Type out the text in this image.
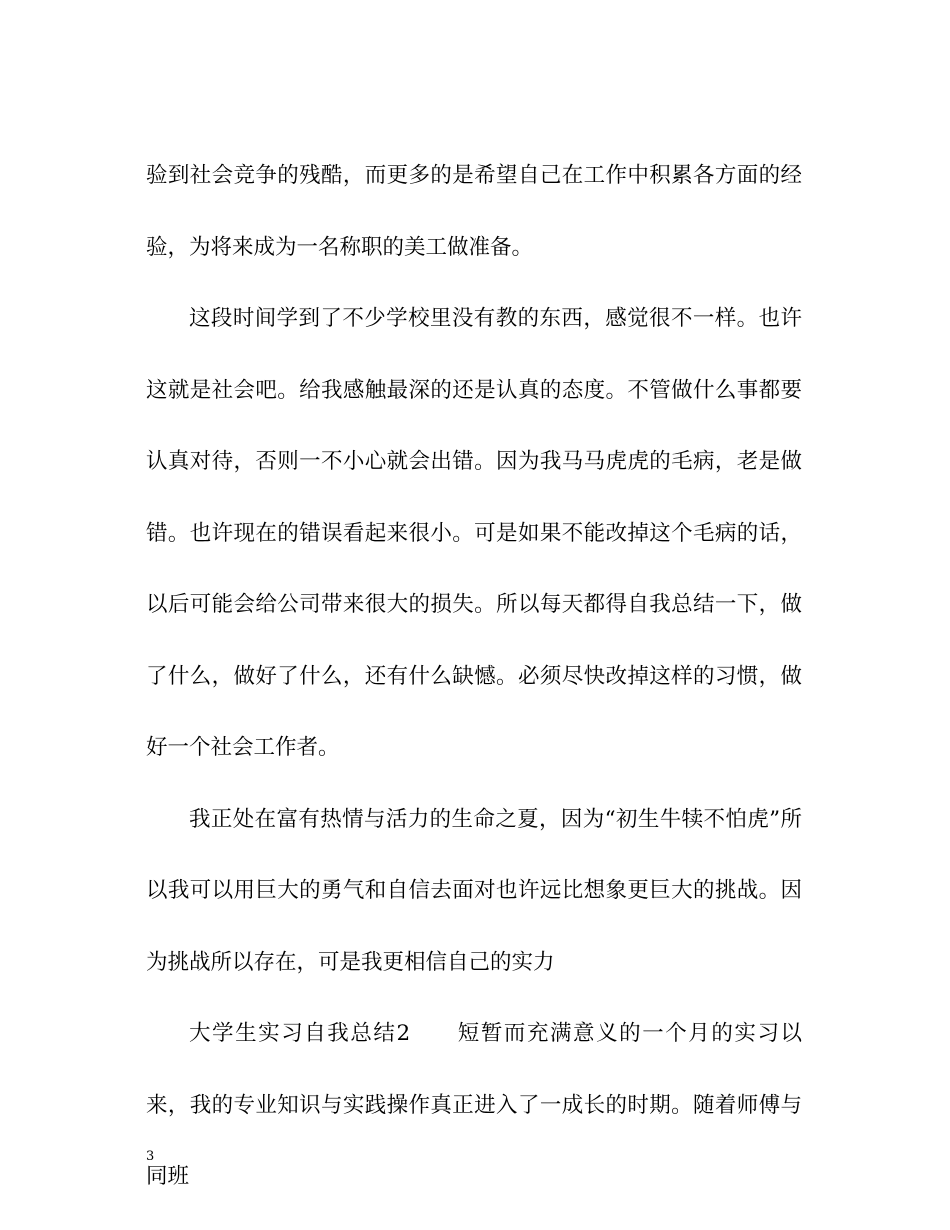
验到社会竞争的残酷，而更多的是希望自己在工作中积累各方面的经验，为将来成为一名称职的美工做准备。

这段时间学到了不少学校里没有教的东西，感觉很不一样。也许这就是社会吧。给我感触最深的还是认真的态度。不管做什么事都要认真对待，否则一不小心就会出错。因为我马马虎虎的毛病，老是做错。也许现在的错误看起来很小。可是如果不能改掉这个毛病的话，以后可能会给公司带来很大的损失。所以每天都得自我总结一下，做了什么，做好了什么，还有什么缺憾。必须尽快改掉这样的习惯，做好一个社会工作者。

我正处在富有热情与活力的生命之夏，因为“初生牛犊不怕虎”所以我可以用巨大的勇气和自信去面对也许远比想象更巨大的挑战。因为挑战所以存在，可是我更相信自己的实力

大学生实习自我总结2　　短暂而充满意义的一个月的实习以来，我的专业知识与实践操作真正进入了一成长的时期。随着师傅与同班

3
